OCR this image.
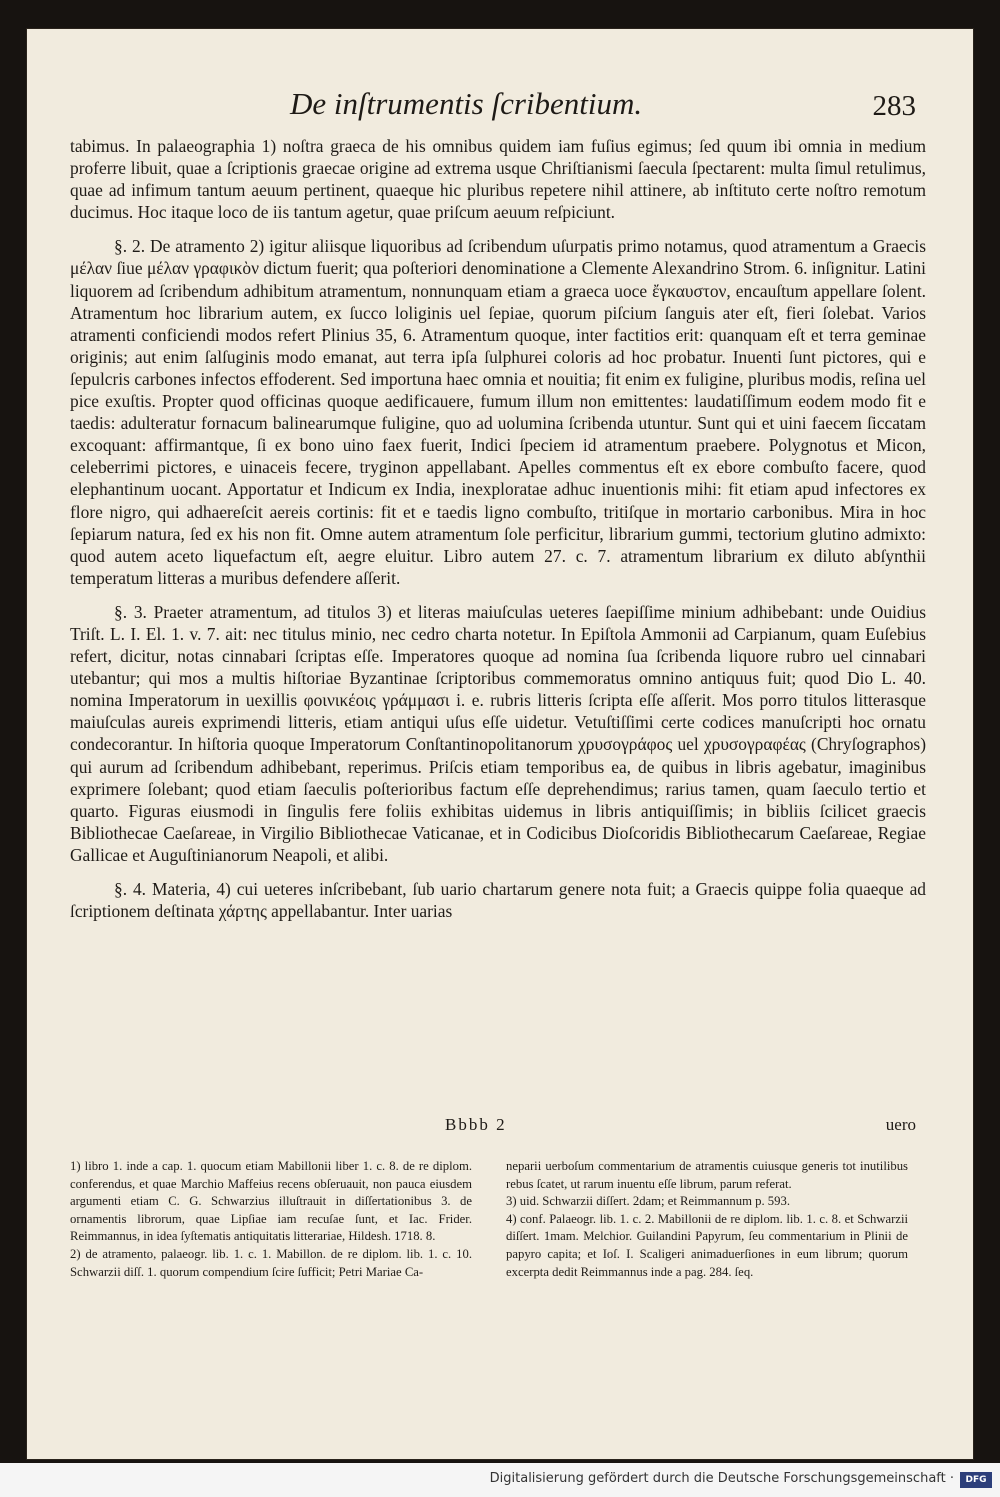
De inſtrumentis ſcribentium.	283

tabimus. In palaeographia 1) noſtra graeca de his omnibus quidem iam fuſius egimus; ſed quum ibi omnia in medium proferre libuit, quae a ſcriptionis graecae origine ad extrema usque Chriſtianismi ſaecula ſpectarent: multa ſimul retulimus, quae ad infimum tantum aeuum pertinent, quaeque hic pluribus repetere nihil attinere, ab inſtituto certe noſtro remotum ducimus. Hoc itaque loco de iis tantum agetur, quae priſcum aeuum reſpiciunt.

§. 2. De atramento 2) igitur aliisque liquoribus ad ſcribendum uſurpatis primo notamus, quod atramentum a Graecis μέλαν ſiue μέλαν γραφικὸν dictum fuerit; qua poſteriori denominatione a Clemente Alexandrino Strom. 6. inſignitur. Latini liquorem ad ſcribendum adhibitum atramentum, nonnunquam etiam a graeca uoce ἔγκαυστον, encauſtum appellare ſolent. Atramentum hoc librarium autem, ex ſucco loliginis uel ſepiae, quorum piſcium ſanguis ater eſt, fieri ſolebat. Varios atramenti conficiendi modos refert Plinius 35, 6. Atramentum quoque, inter factitios erit: quanquam eſt et terra geminae originis; aut enim ſalſuginis modo emanat, aut terra ipſa ſulphurei coloris ad hoc probatur. Inuenti ſunt pictores, qui e ſepulcris carbones infectos effoderent. Sed importuna haec omnia et nouitia; fit enim ex fuligine, pluribus modis, reſina uel pice exuſtis. Propter quod officinas quoque aedificauere, fumum illum non emittentes: laudatiſſimum eodem modo fit e taedis: adulteratur fornacum balinearumque fuligine, quo ad uolumina ſcribenda utuntur. Sunt qui et uini faecem ſiccatam excoquant: affirmantque, ſi ex bono uino faex fuerit, Indici ſpeciem id atramentum praebere. Polygnotus et Micon, celeberrimi pictores, e uinaceis fecere, tryginon appellabant. Apelles commentus eſt ex ebore combuſto facere, quod elephantinum uocant. Apportatur et Indicum ex India, inexploratae adhuc inuentionis mihi: fit etiam apud infectores ex flore nigro, qui adhaereſcit aereis cortinis: fit et e taedis ligno combuſto, tritiſque in mortario carbonibus. Mira in hoc ſepiarum natura, ſed ex his non fit. Omne autem atramentum ſole perficitur, librarium gummi, tectorium glutino admixto: quod autem aceto liquefactum eſt, aegre eluitur. Libro autem 27. c. 7. atramentum librarium ex diluto abſynthii temperatum litteras a muribus defendere aſſerit.

§. 3. Praeter atramentum, ad titulos 3) et literas maiuſculas ueteres ſaepiſſime minium adhibebant: unde Ouidius Triſt. L. I. El. 1. v. 7. ait: nec titulus minio, nec cedro charta notetur. In Epiſtola Ammonii ad Carpianum, quam Euſebius refert, dicitur, notas cinnabari ſcriptas eſſe. Imperatores quoque ad nomina ſua ſcribenda liquore rubro uel cinnabari utebantur; qui mos a multis hiſtoriae Byzantinae ſcriptoribus commemoratus omnino antiquus fuit; quod Dio L. 40. nomina Imperatorum in uexillis φοινικέοις γράμμασι i. e. rubris litteris ſcripta eſſe aſſerit. Mos porro titulos litterasque maiuſculas aureis exprimendi litteris, etiam antiqui uſus eſſe uidetur. Vetuſtiſſimi certe codices manuſcripti hoc ornatu condecorantur. In hiſtoria quoque Imperatorum Conſtantinopolitanorum χρυσογράφος uel χρυσογραφέας (Chryſographos) qui aurum ad ſcribendum adhibebant, reperimus. Priſcis etiam temporibus ea, de quibus in libris agebatur, imaginibus exprimere ſolebant; quod etiam ſaeculis poſterioribus factum eſſe deprehendimus; rarius tamen, quam ſaeculo tertio et quarto. Figuras eiusmodi in ſingulis fere foliis exhibitas uidemus in libris antiquiſſimis; in bibliis ſcilicet graecis Bibliothecae Caeſareae, in Virgilio Bibliothecae Vaticanae, et in Codicibus Dioſcoridis Bibliothecarum Caeſareae, Regiae Gallicae et Auguſtinianorum Neapoli, et alibi.

§. 4. Materia, 4) cui ueteres inſcribebant, ſub uario chartarum genere nota fuit; a Graecis quippe folia quaeque ad ſcriptionem deſtinata χάρτης appellabantur. Inter uarias

Bbbb 2	uero

1) libro 1. inde a cap. 1. quocum etiam Mabillonii liber 1. c. 8. de re diplom. conferendus, et quae Marchio Maffeius recens obſeruauit, non pauca eiusdem argumenti etiam C. G. Schwarzius illuſtrauit in diſſertationibus 3. de ornamentis librorum, quae Lipſiae iam recuſae ſunt, et Iac. Frider. Reimmannus, in idea ſyſtematis antiquitatis litterariae, Hildesh. 1718. 8.

2) de atramento, palaeogr. lib. 1. c. 1. Mabillon. de re diplom. lib. 1. c. 10. Schwarzii diſſ. 1. quorum compendium ſcire ſufficit; Petri Mariae Ca-

neparii uerboſum commentarium de atramentis cuiusque generis tot inutilibus rebus ſcatet, ut rarum inuentu eſſe librum, parum referat.

3) uid. Schwarzii diſſert. 2dam; et Reimmannum p. 593.

4) conf. Palaeogr. lib. 1. c. 2. Mabillonii de re diplom. lib. 1. c. 8. et Schwarzii diſſert. 1mam. Melchior. Guilandini Papyrum, ſeu commentarium in Plinii de papyro capita; et Ioſ. I. Scaligeri animaduerſiones in eum librum; quorum excerpta dedit Reimmannus inde a pag. 284. ſeq.

Digitalisierung gefördert durch die Deutsche Forschungsgemeinschaft ·	DFG
